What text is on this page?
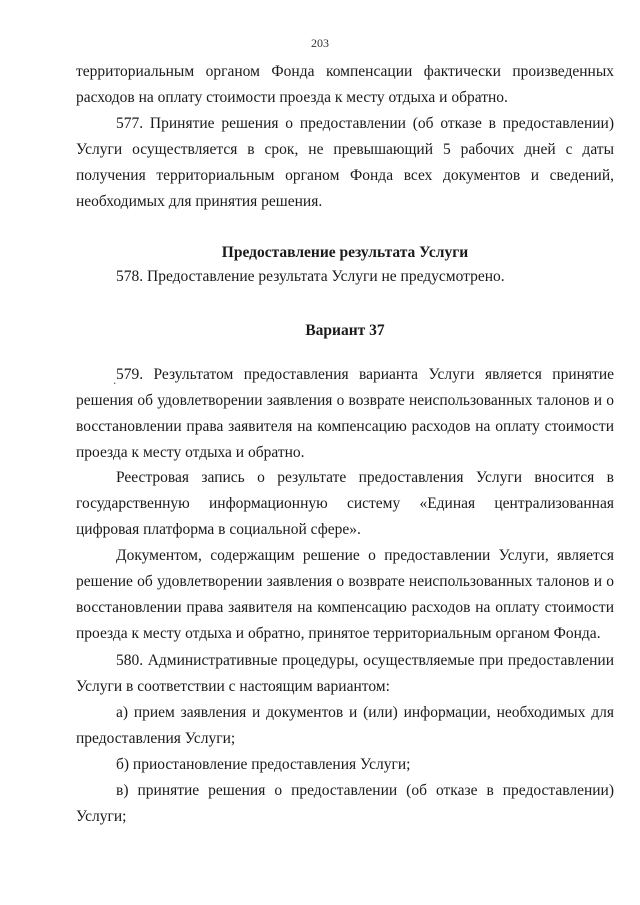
203

территориальным органом Фонда компенсации фактически произведенных расходов на оплату стоимости проезда к месту отдыха и обратно.

577. Принятие решения о предоставлении (об отказе в предоставлении) Услуги осуществляется в срок, не превышающий 5 рабочих дней с даты получения территориальным органом Фонда всех документов и сведений, необходимых для принятия решения.

Предоставление результата Услуги

578. Предоставление результата Услуги не предусмотрено.

Вариант 37

. 579. Результатом предоставления варианта Услуги является принятие решения об удовлетворении заявления о возврате неиспользованных талонов и о восстановлении права заявителя на компенсацию расходов на оплату стоимости проезда к месту отдыха и обратно.

Реестровая запись о результате предоставления Услуги вносится в государственную информационную систему «Единая централизованная цифровая платформа в социальной сфере».

Документом, содержащим решение о предоставлении Услуги, является решение об удовлетворении заявления о возврате неиспользованных талонов и о восстановлении права заявителя на компенсацию расходов на оплату стоимости проезда к месту отдыха и обратно, принятое территориальным органом Фонда.

580. Административные процедуры, осуществляемые при предоставлении Услуги в соответствии с настоящим вариантом:

а) прием заявления и документов и (или) информации, необходимых для предоставления Услуги;

б) приостановление предоставления Услуги;

в) принятие решения о предоставлении (об отказе в предоставлении) Услуги;
